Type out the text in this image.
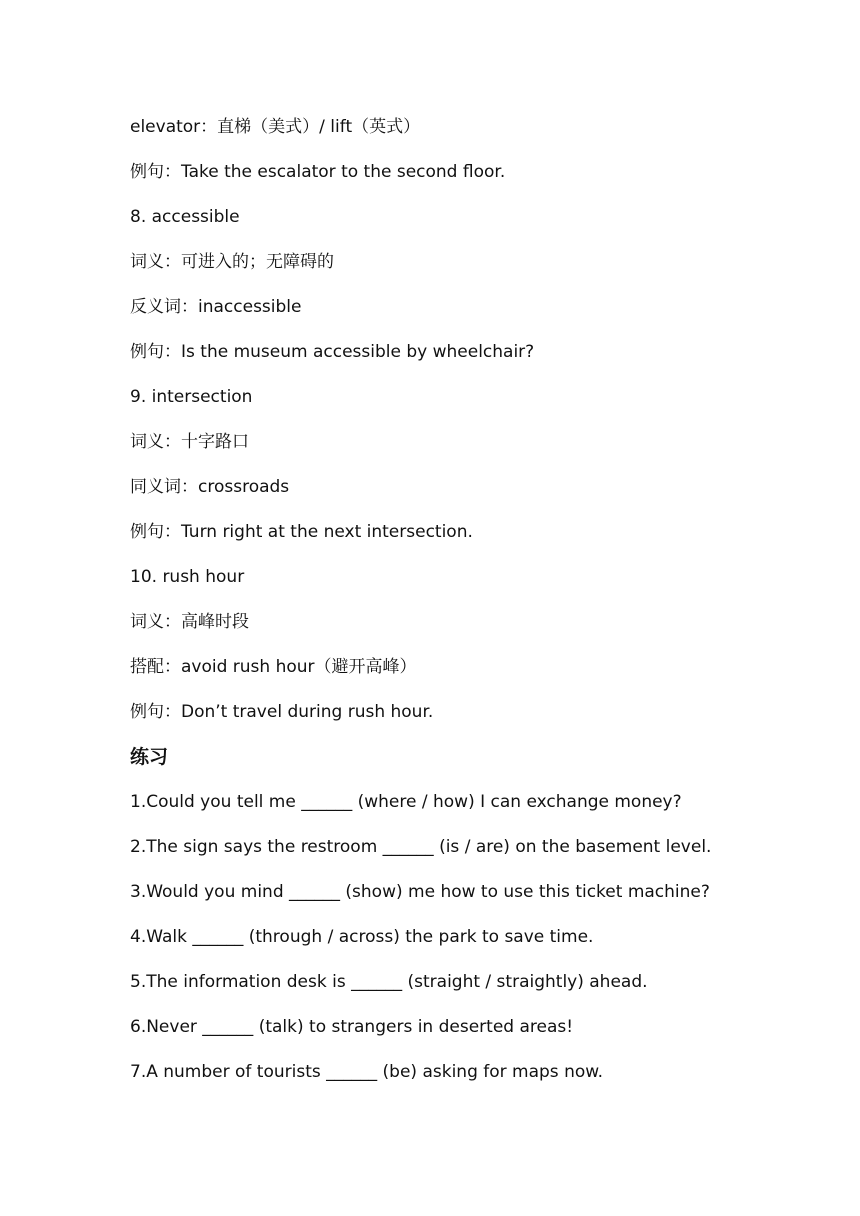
elevator：直梯（美式）/ lift（英式）
例句：Take the escalator to the second floor.
8. accessible
词义：可进入的；无障碍的
反义词：inaccessible
例句：Is the museum accessible by wheelchair?
9. intersection
词义：十字路口
同义词：crossroads
例句：Turn right at the next intersection.
10. rush hour
词义：高峰时段
搭配：avoid rush hour（避开高峰）
例句：Don’t travel during rush hour.
练习
1.Could you tell me ______ (where / how) I can exchange money?
2.The sign says the restroom ______ (is / are) on the basement level.
3.Would you mind ______ (show) me how to use this ticket machine?
4.Walk ______ (through / across) the park to save time.
5.The information desk is ______ (straight / straightly) ahead.
6.Never ______ (talk) to strangers in deserted areas!
7.A number of tourists ______ (be) asking for maps now.
